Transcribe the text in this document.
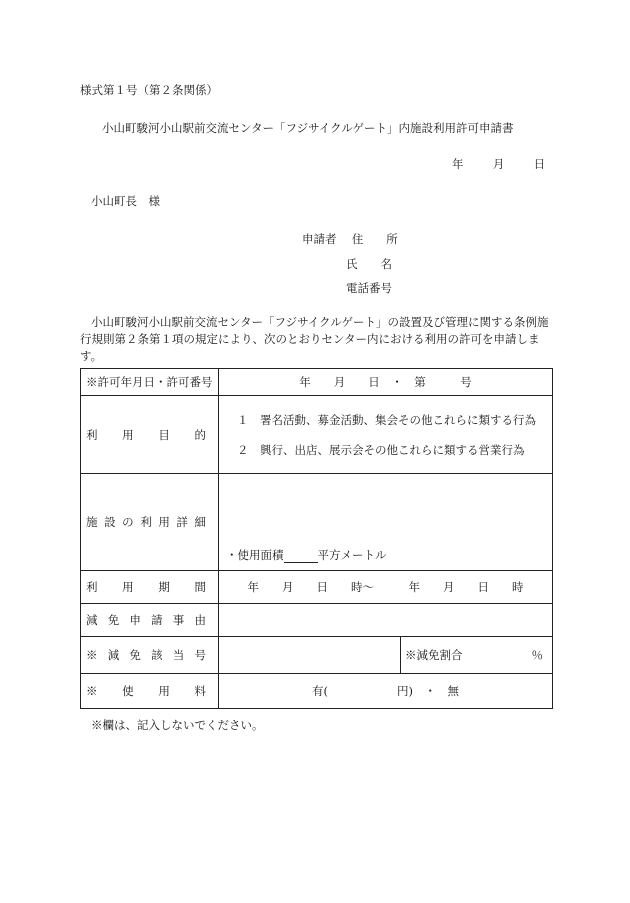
様式第１号（第２条関係）
小山町駿河小山駅前交流センター「フジサイクルゲート」内施設利用許可申請書
年	月	日
小山町長　様
申請者 住　　所
氏　　名
電話番号
小山町駿河小山駅前交流センター「フジサイクルゲート」の設置及び管理に関する条例施行規則第２条第１項の規定により、次のとおりセンター内における利用の許可を申請します。
※許可年月日・許可番号	年　　月　　日　・　第　　　号	
利用目的	１　署名活動、募金活動、集会その他これらに類する行為
２　興行、出店、展示会その他これらに類する営業行為	

施設の利用詳細	・使用面積 平方メートル	

利用期間	年　　月　　日　　時〜　　　年　　月　　日　　時	
減免申請事由		
※減免該当号		※減免割合 ％

※使用料	有(　　　　　　円)　・　無	
※欄は、記入しないでください。
